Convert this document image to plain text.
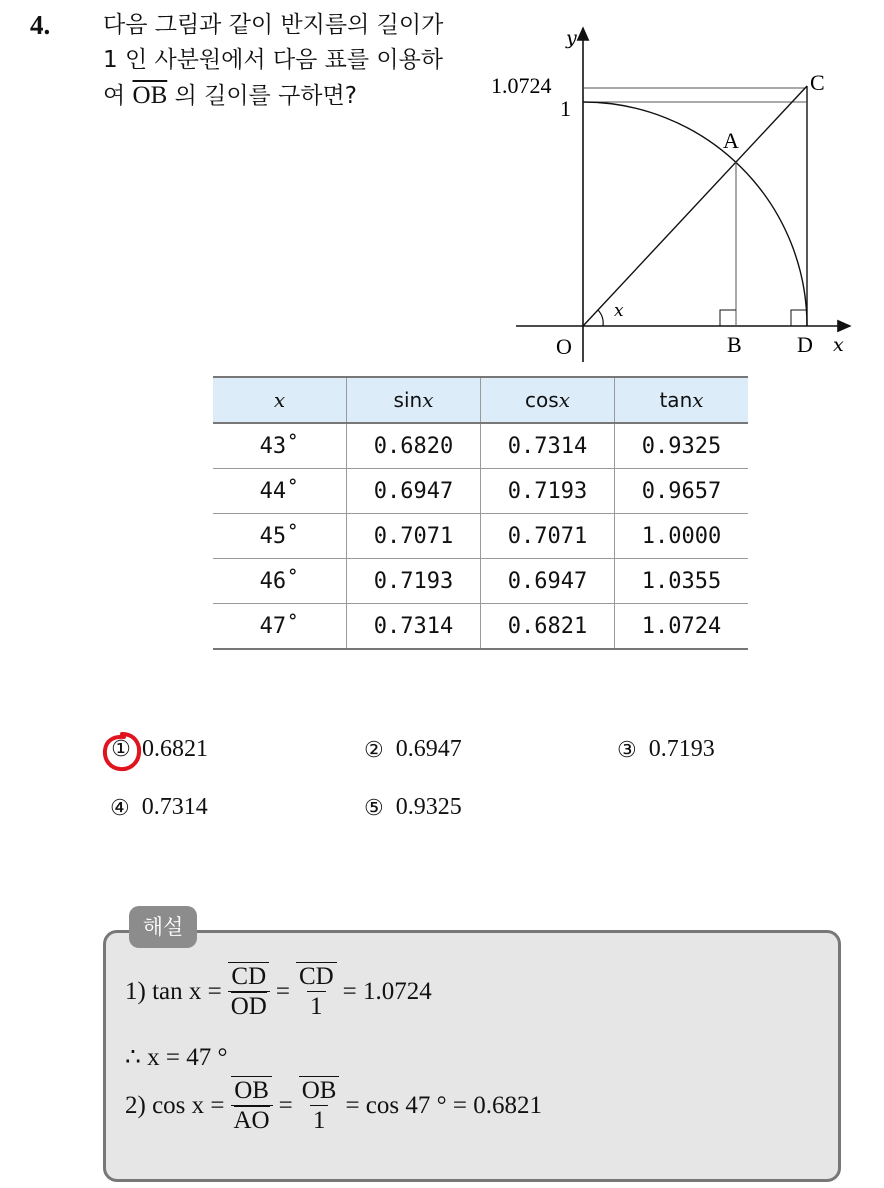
4. 다음 그림과 같이 반지름의 길이가 1 인 사분원에서 다음 표를 이용하여 $\overline{OB}$ 의 길이를 구하면?
y
x
1.0724
1
x
A
B
C
D
O
x	sinx	cosx	tanx
43˚	0.6820	0.7314	0.9325
44˚	0.6947	0.7193	0.9657
45˚	0.7071	0.7071	1.0000
46˚	0.7193	0.6947	1.0355
47˚	0.7314	0.6821	1.0724
① 0.6821	② 0.6947	③ 0.7193
④ 0.7314	⑤ 0.9325
해설
1) $\tan x = \frac{CD}{OD} = \frac{CD}{1} = 1.0724$
∴ x = 47 °
2) $\cos x = \frac{OB}{AO} = \frac{OB}{1} = \cos 47$ ° = 0.6821
